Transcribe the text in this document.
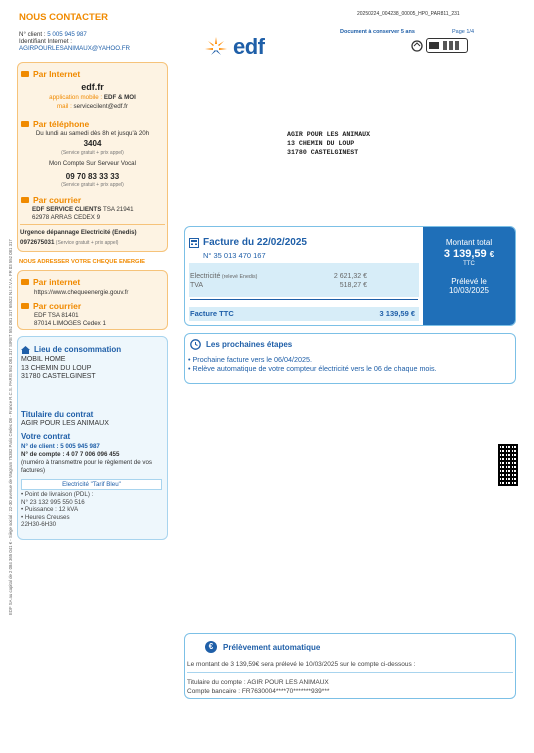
20250224_004238_00005_HP0_PAR811_231
Document à conserver 5 ans	Page 1/4
edf
AGIR POUR LES ANIMAUX
13 CHEMIN DU LOUP
31780 CASTELGINEST
EDF SA au capital de 2 084 365 041 € - Siège social : 22-30 avenue de Wagram 75382 Paris Cedex 08 - France R.C.S. PARIS 552 081 317 SIRET 552 081 317 65522 N.I.T.V.A. FR 03 552 081 317
NOUS CONTACTER
N° client : 5 005 945 987
Identifiant Internet :
AGIRPOURLESANIMAUX@YAHOO.FR
Par Internet
edf.fr
application mobile : EDF & MOI
mail : servicecilent@edf.fr
Par téléphone
Du lundi au samedi dès 8h et jusqu'à 20h
3404
(Service gratuit + prix appel)
Mon Compte Sur Serveur Vocal
09 70 83 33 33
(Service gratuit + prix appel)
Par courrier
EDF SERVICE CLIENTS TSA 21941
62978 ARRAS CEDEX 9
Urgence dépannage Electricité (Enedis)
0972675031 (Service gratuit + prix appel)
NOUS ADRESSER VOTRE CHEQUE ENERGIE
Par internet
https://www.chequeenergie.gouv.fr
Par courrier
EDF TSA 81401
87014 LIMOGES Cedex 1
Lieu de consommation
MOBIL HOME
13 CHEMIN DU LOUP
31780 CASTELGINEST
Titulaire du contrat
AGIR POUR LES ANIMAUX
Votre contrat
N° de client : 5 005 945 987
N° de compte : 4 07 7 006 096 455
(numéro à transmettre pour le règlement de vos factures)
Electricité "Tarif Bleu"
• Point de livraison (PDL) :
N° 23 132 995 550 516
• Puissance : 12 kVA
• Heures Creuses
22H30-6H30
Facture du 22/02/2025
N° 35 013 470 167
Electricité (relevé Enedis)	2 621,32 €
TVA	518,27 €
Facture TTC	3 139,59 €
Montant total
3 139,59 €
TTC
Prélevé le
10/03/2025
Les prochaines étapes
• Prochaine facture vers le 06/04/2025.
• Relève automatique de votre compteur électricité vers le 06 de chaque mois.
€	Prélèvement automatique
Le montant de 3 139,59€ sera prélevé le 10/03/2025 sur le compte ci-dessous :
Titulaire du compte : AGIR POUR LES ANIMAUX
Compte bancaire : FR7630004****70*******939***
